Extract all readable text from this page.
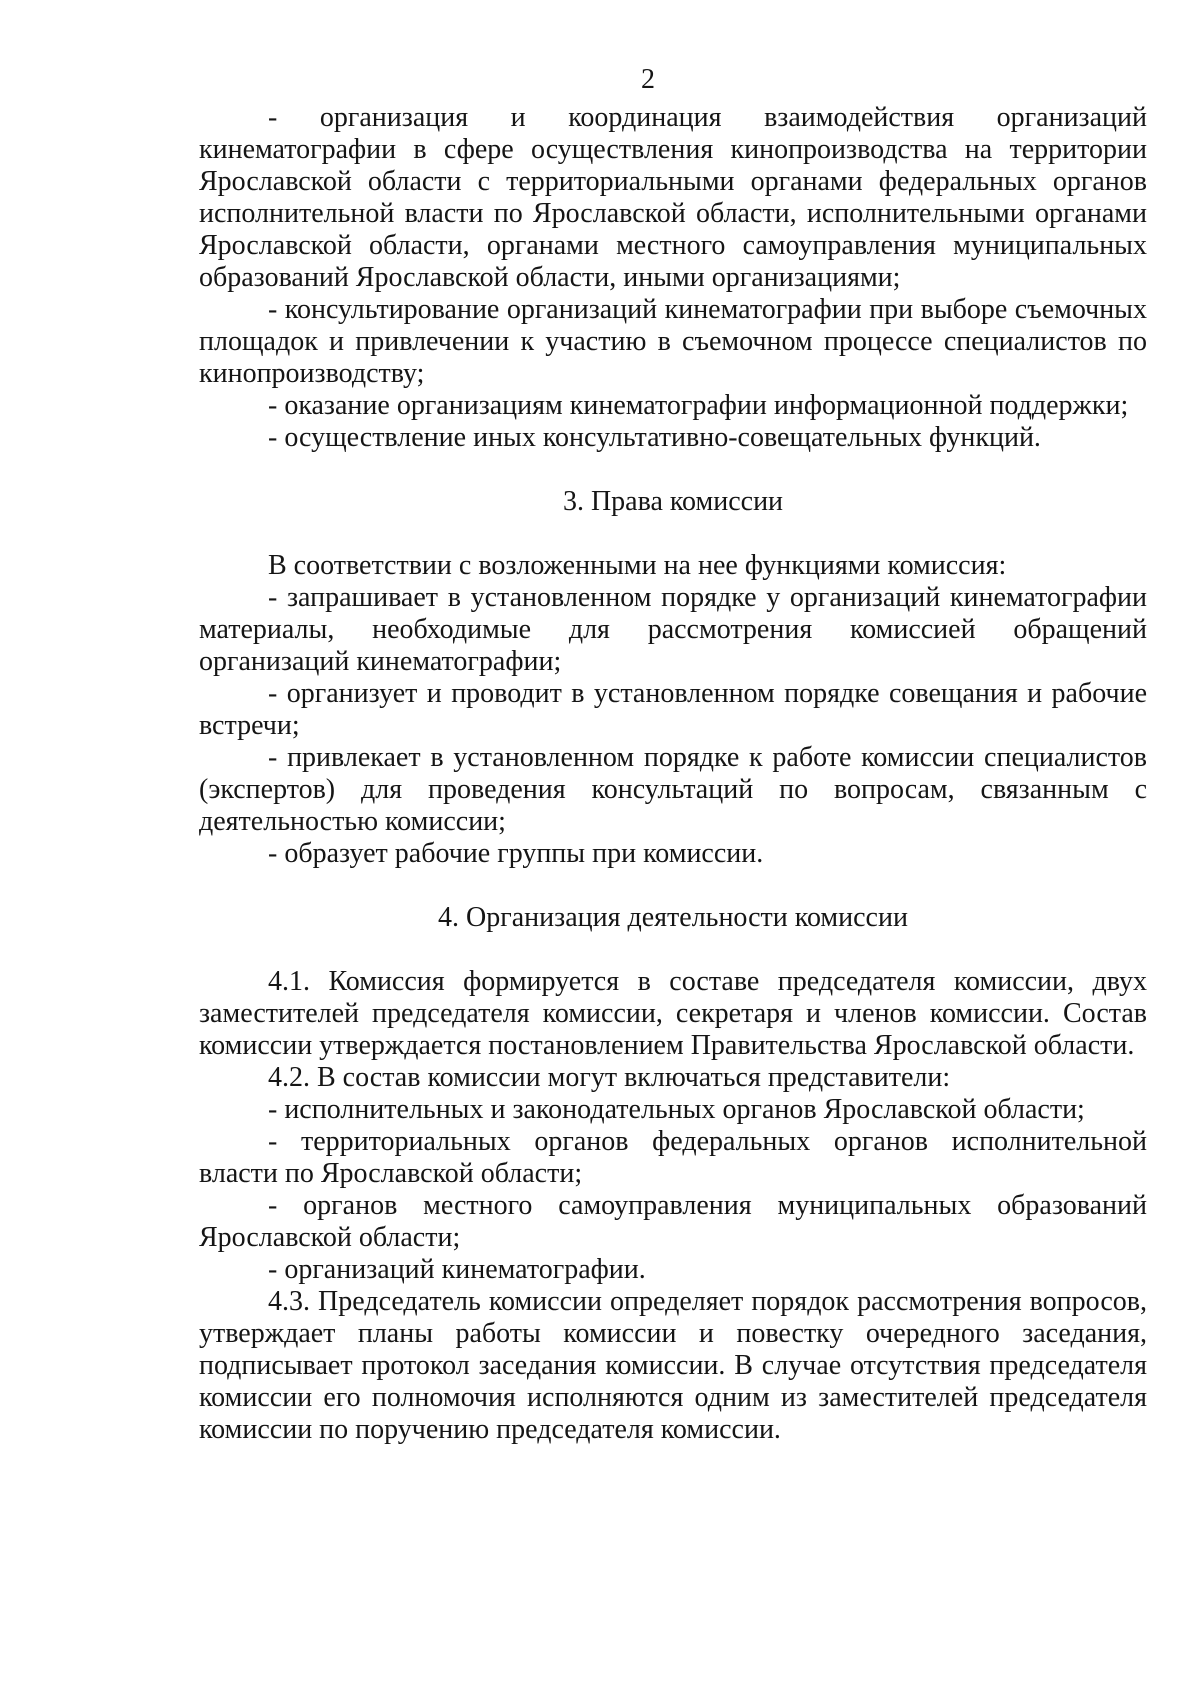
2

- организация и координация взаимодействия организаций кинематографии в сфере осуществления кинопроизводства на территории Ярославской области с территориальными органами федеральных органов исполнительной власти по Ярославской области, исполнительными органами Ярославской области, органами местного самоуправления муниципальных образований Ярославской области, иными организациями;

- консультирование организаций кинематографии при выборе съемочных площадок и привлечении к участию в съемочном процессе специалистов по кинопроизводству;

- оказание организациям кинематографии информационной поддержки;

- осуществление иных консультативно-совещательных функций.

3. Права комиссии

В соответствии с возложенными на нее функциями комиссия:

- запрашивает в установленном порядке у организаций кинематографии материалы, необходимые для рассмотрения комиссией обращений организаций кинематографии;

- организует и проводит в установленном порядке совещания и рабочие встречи;

- привлекает в установленном порядке к работе комиссии специалистов (экспертов) для проведения консультаций по вопросам, связанным с деятельностью комиссии;

- образует рабочие группы при комиссии.

4. Организация деятельности комиссии

4.1. Комиссия формируется в составе председателя комиссии, двух заместителей председателя комиссии, секретаря и членов комиссии. Состав комиссии утверждается постановлением Правительства Ярославской области.

4.2. В состав комиссии могут включаться представители:

- исполнительных и законодательных органов Ярославской области;

- территориальных органов федеральных органов исполнительной власти по Ярославской области;

- органов местного самоуправления муниципальных образований Ярославской области;

- организаций кинематографии.

4.3. Председатель комиссии определяет порядок рассмотрения вопросов, утверждает планы работы комиссии и повестку очередного заседания, подписывает протокол заседания комиссии. В случае отсутствия председателя комиссии его полномочия исполняются одним из заместителей председателя комиссии по поручению председателя комиссии.
